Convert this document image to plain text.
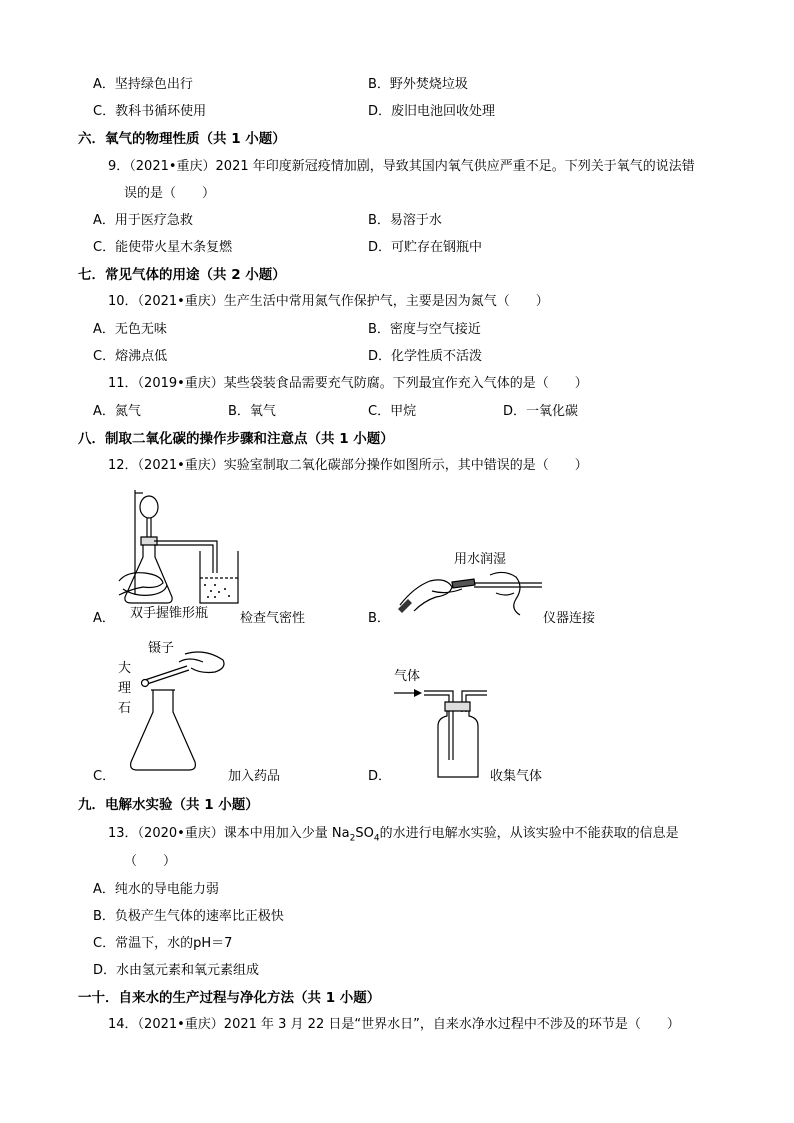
A．坚持绿色出行	B．野外焚烧垃圾
C．教科书循环使用	D．废旧电池回收处理
六．氧气的物理性质（共 1 小题）
9．（2021•重庆）2021 年印度新冠疫情加剧，导致其国内氧气供应严重不足。下列关于氧气的说法错
误的是（　　）
A．用于医疗急救	B．易溶于水
C．能使带火星木条复燃	D．可贮存在钢瓶中
七．常见气体的用途（共 2 小题）
10．（2021•重庆）生产生活中常用氮气作保护气，主要是因为氮气（　　）
A．无色无味	B．密度与空气接近
C．熔沸点低	D．化学性质不活泼
11．（2019•重庆）某些袋装食品需要充气防腐。下列最宜作充入气体的是（　　）
A．氮气	B．氧气	C．甲烷	D．一氧化碳
八．制取二氧化碳的操作步骤和注意点（共 1 小题）
12．（2021•重庆）实验室制取二氧化碳部分操作如图所示，其中错误的是（　　）
A． 双手握锥形瓶 检查气密性
用水润湿
B．	仪器连接
镊子
大
理
石
C．	加入药品
气体
D．	收集气体
九．电解水实验（共 1 小题）
13．（2020•重庆）课本中用加入少量 $Na_2SO_4$的水进行电解水实验，从该实验中不能获取的信息是
（　　）
A．纯水的导电能力弱
B．负极产生气体的速率比正极快
C．常温下，水的pH＝7
D．水由氢元素和氧元素组成
一十．自来水的生产过程与净化方法（共 1 小题）
14．（2021•重庆）2021 年 3 月 22 日是“世界水日”，自来水净水过程中不涉及的环节是（　　）
